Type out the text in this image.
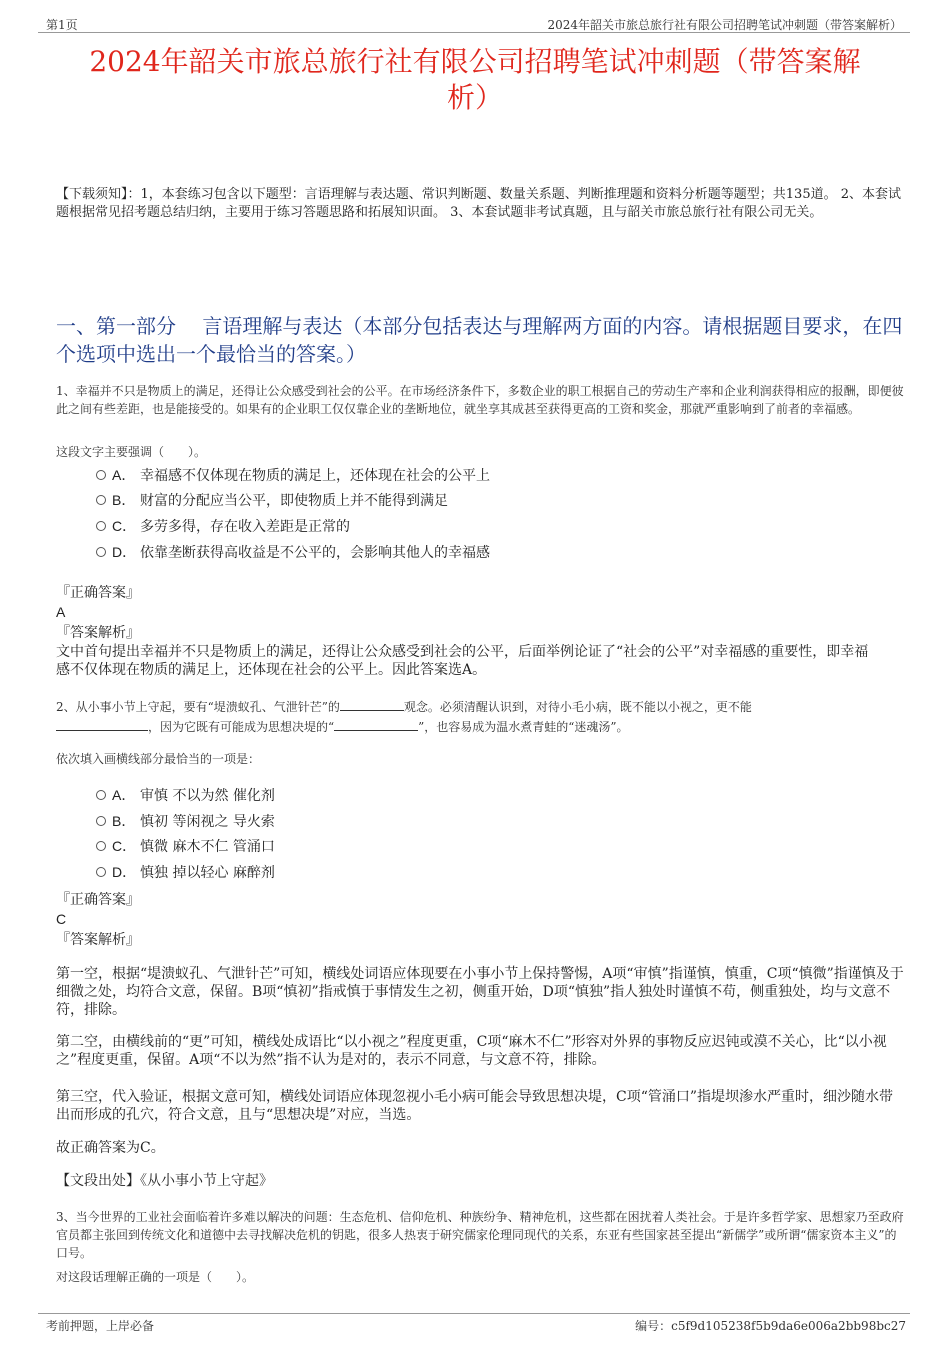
第1页	2024年韶关市旅总旅行社有限公司招聘笔试冲刺题（带答案解析）
2024年韶关市旅总旅行社有限公司招聘笔试冲刺题（带答案解
析）
【下载须知】：1，本套练习包含以下题型：言语理解与表达题、常识判断题、数量关系题、判断推理题和资料分析题等题型；共135道。 2、本套试题根据常见招考题总结归纳，主要用于练习答题思路和拓展知识面。 3、本套试题非考试真题，且与韶关市旅总旅行社有限公司无关。
一、第一部分　 言语理解与表达（本部分包括表达与理解两方面的内容。请根据题目要求，在四个选项中选出一个最恰当的答案。）
1、幸福并不只是物质上的满足，还得让公众感受到社会的公平。在市场经济条件下，多数企业的职工根据自己的劳动生产率和企业利润获得相应的报酬，即便彼此之间有些差距，也是能接受的。如果有的企业职工仅仅靠企业的垄断地位，就坐享其成甚至获得更高的工资和奖金，那就严重影响到了前者的幸福感。
这段文字主要强调（　　）。
A． 幸福感不仅体现在物质的满足上，还体现在社会的公平上
B． 财富的分配应当公平，即使物质上并不能得到满足
C． 多劳多得，存在收入差距是正常的
D． 依靠垄断获得高收益是不公平的，会影响其他人的幸福感
『正确答案』
A
『答案解析』
文中首句提出幸福并不只是物质上的满足，还得让公众感受到社会的公平，后面举例论证了“社会的公平”对幸福感的重要性，即幸福感不仅体现在物质的满足上，还体现在社会的公平上。因此答案选A。
2、从小事小节上守起，要有“堤溃蚁孔、气泄针芒”的	观念。必须清醒认识到，对待小毛小病，既不能以小视之，更不能
，因为它既有可能成为思想决堤的“	”，也容易成为温水煮青蛙的“迷魂汤”。
依次填入画横线部分最恰当的一项是：
A． 审慎 不以为然 催化剂
B． 慎初 等闲视之 导火索
C． 慎微 麻木不仁 管涌口
D． 慎独 掉以轻心 麻醉剂
『正确答案』
C
『答案解析』
第一空，根据“堤溃蚁孔、气泄针芒”可知，横线处词语应体现要在小事小节上保持警惕，A项“审慎”指谨慎，慎重，C项“慎微”指谨慎及于细微之处，均符合文意，保留。B项“慎初”指戒慎于事情发生之初，侧重开始，D项“慎独”指人独处时谨慎不苟，侧重独处，均与文意不符，排除。
第二空，由横线前的“更”可知，横线处成语比“以小视之”程度更重，C项“麻木不仁”形容对外界的事物反应迟钝或漠不关心，比“以小视之”程度更重，保留。A项“不以为然”指不认为是对的，表示不同意，与文意不符，排除。
第三空，代入验证，根据文意可知，横线处词语应体现忽视小毛小病可能会导致思想决堤，C项“管涌口”指堤坝渗水严重时，细沙随水带出而形成的孔穴，符合文意，且与“思想决堤”对应，当选。
故正确答案为C。
【文段出处】《从小事小节上守起》
3、当今世界的工业社会面临着许多难以解决的问题：生态危机、信仰危机、种族纷争、精神危机，这些都在困扰着人类社会。于是许多哲学家、思想家乃至政府官员都主张回到传统文化和道德中去寻找解决危机的钥匙，很多人热衷于研究儒家伦理同现代的关系，东亚有些国家甚至提出“新儒学”或所谓“儒家资本主义”的口号。
对这段话理解正确的一项是（　　）。
考前押题，上岸必备	编号：c5f9d105238f5b9da6e006a2bb98bc27
